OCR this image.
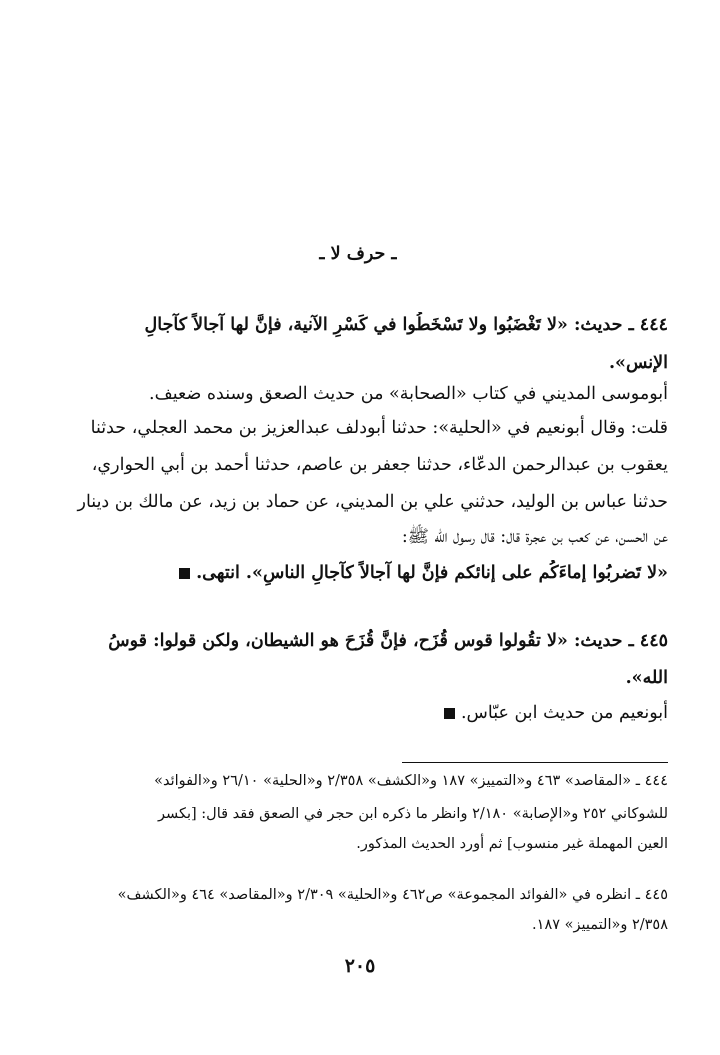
ـ حرف لا ـ
٤٤٤ ـ حديث: «لا تَغْضَبُوا ولا تَسْخَطُوا في كَسْرِ الآنية، فإنَّ لها آجالاً كآجالِ
الإنس».
أبوموسى المديني في كتاب «الصحابة» من حديث الصعق وسنده ضعيف.
قلت: وقال أبونعيم في «الحلية»: حدثنا أبودلف عبدالعزيز بن محمد العجلي، حدثنا
يعقوب بن عبدالرحمن الدعّاء، حدثنا جعفر بن عاصم، حدثنا أحمد بن أبي الحواري،
حدثنا عباس بن الوليد، حدثني علي بن المديني، عن حماد بن زيد، عن مالك بن دينار
عن الحسن، عن كعب بن عجرة قال: قال رسول الله ﷺ:
«لا تَضربُوا إماءَكُم على إنائكم فإنَّ لها آجالاً كآجالِ الناسِ». انتهى.
٤٤٥ ـ حديث: «لا تقُولوا قوس قُزَح، فإنَّ قُزَحَ هو الشيطان، ولكن قولوا: قوسُ
الله».
أبونعيم من حديث ابن عبّاس.
٤٤٤ ـ «المقاصد» ٤٦٣ و«التمييز» ١٨٧ و«الكشف» ٢/٣٥٨ و«الحلية» ٢٦/١٠ و«الفوائد»
للشوكاني ٢٥٢ و«الإصابة» ٢/١٨٠ وانظر ما ذكره ابن حجر في الصعق فقد قال: [بكسر
العين المهملة غير منسوب] ثم أورد الحديث المذكور.
٤٤٥ ـ انظره في «الفوائد المجموعة» ص٤٦٢ و«الحلية» ٢/٣٠٩ و«المقاصد» ٤٦٤ و«الكشف»
٢/٣٥٨ و«التمييز» ١٨٧.
٢٠٥
